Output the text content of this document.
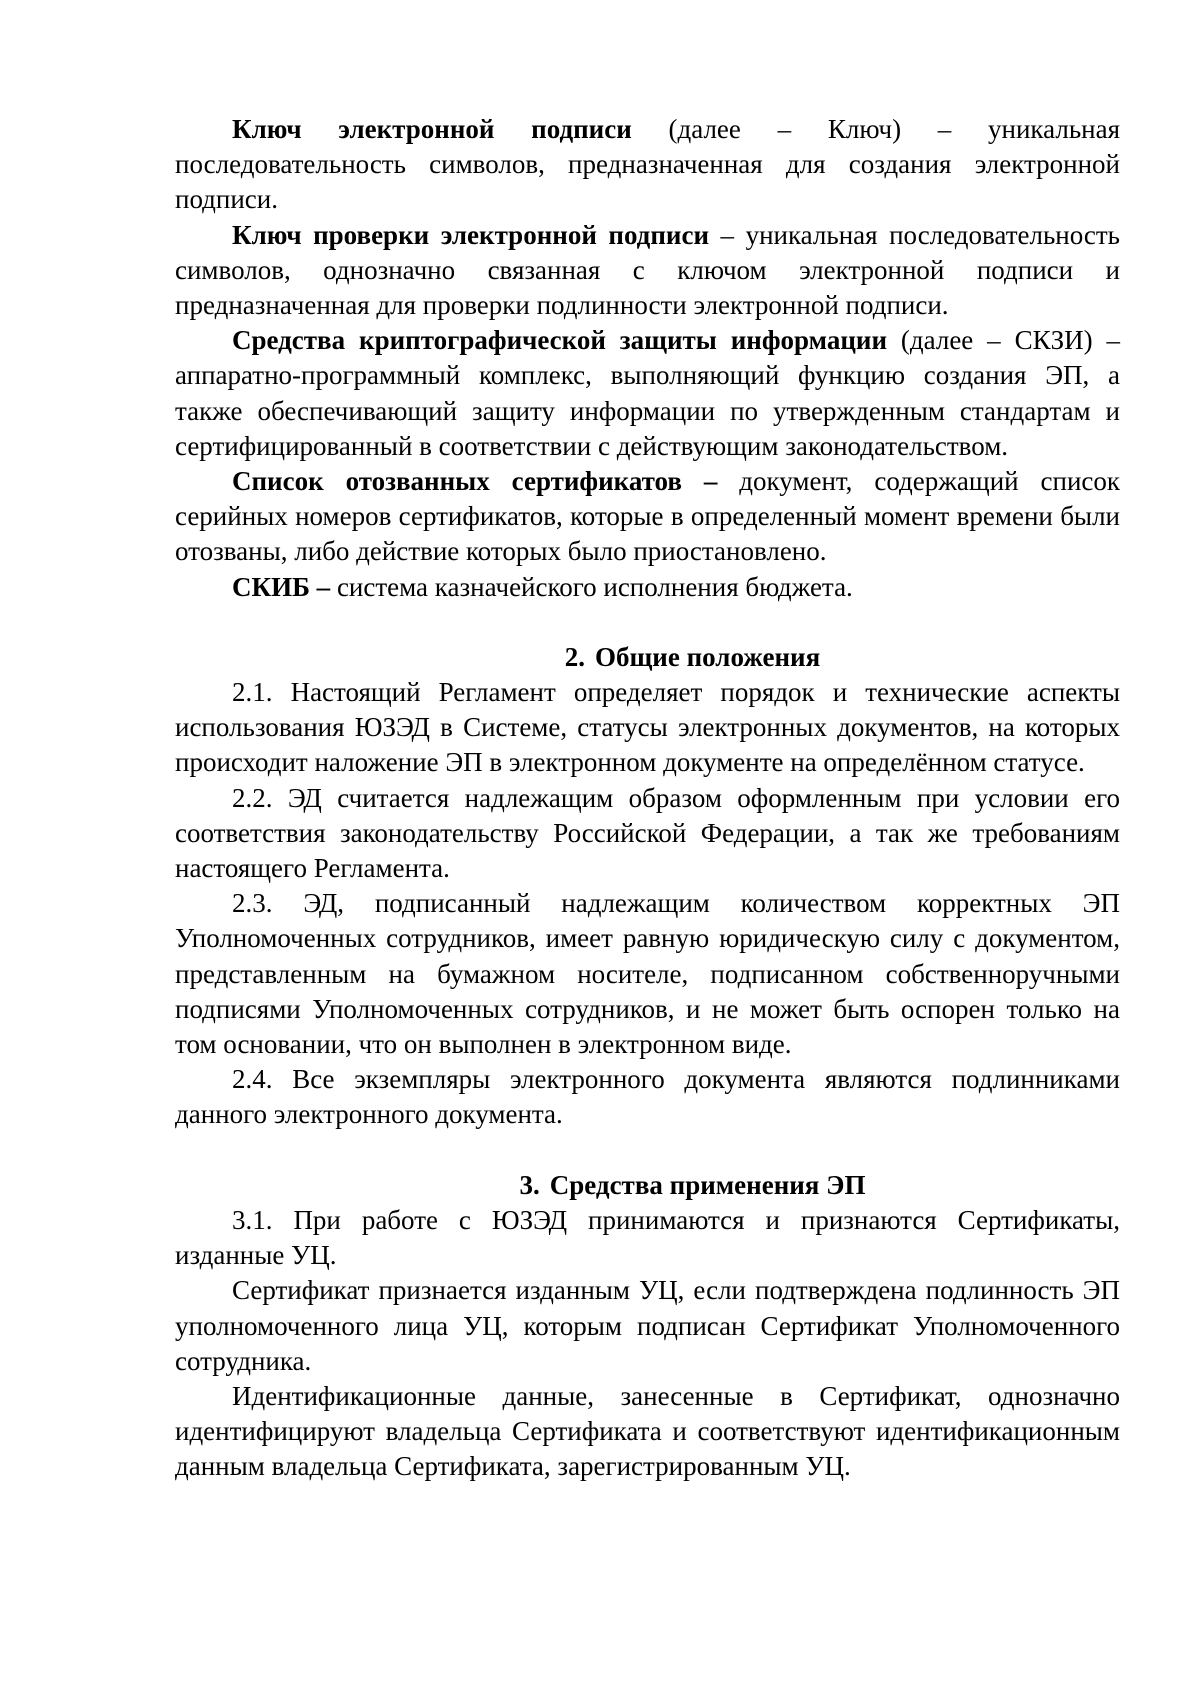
Ключ электронной подписи (далее – Ключ) – уникальная последовательность символов, предназначенная для создания электронной подписи.

Ключ проверки электронной подписи – уникальная последовательность символов, однозначно связанная с ключом электронной подписи и предназначенная для проверки подлинности электронной подписи.

Средства криптографической защиты информации (далее – СКЗИ) – аппаратно-программный комплекс, выполняющий функцию создания ЭП, а также обеспечивающий защиту информации по утвержденным стандартам и сертифицированный в соответствии с действующим законодательством.

Список отозванных сертификатов – документ, содержащий список серийных номеров сертификатов, которые в определенный момент времени были отозваны, либо действие которых было приостановлено.

СКИБ – система казначейского исполнения бюджета.

2. Общие положения

2.1. Настоящий Регламент определяет порядок и технические аспекты использования ЮЗЭД в Системе, статусы электронных документов, на которых происходит наложение ЭП в электронном документе на определённом статусе.

2.2. ЭД считается надлежащим образом оформленным при условии его соответствия законодательству Российской Федерации, а так же требованиям настоящего Регламента.

2.3. ЭД, подписанный надлежащим количеством корректных ЭП Уполномоченных сотрудников, имеет равную юридическую силу с документом, представленным на бумажном носителе, подписанном собственноручными подписями Уполномоченных сотрудников, и не может быть оспорен только на том основании, что он выполнен в электронном виде.

2.4. Все экземпляры электронного документа являются подлинниками данного электронного документа.

3. Средства применения ЭП

3.1. При работе с ЮЗЭД принимаются и признаются Сертификаты, изданные УЦ.

Сертификат признается изданным УЦ, если подтверждена подлинность ЭП уполномоченного лица УЦ, которым подписан Сертификат Уполномоченного сотрудника.

Идентификационные данные, занесенные в Сертификат, однозначно идентифицируют владельца Сертификата и соответствуют идентификационным данным владельца Сертификата, зарегистрированным УЦ.
